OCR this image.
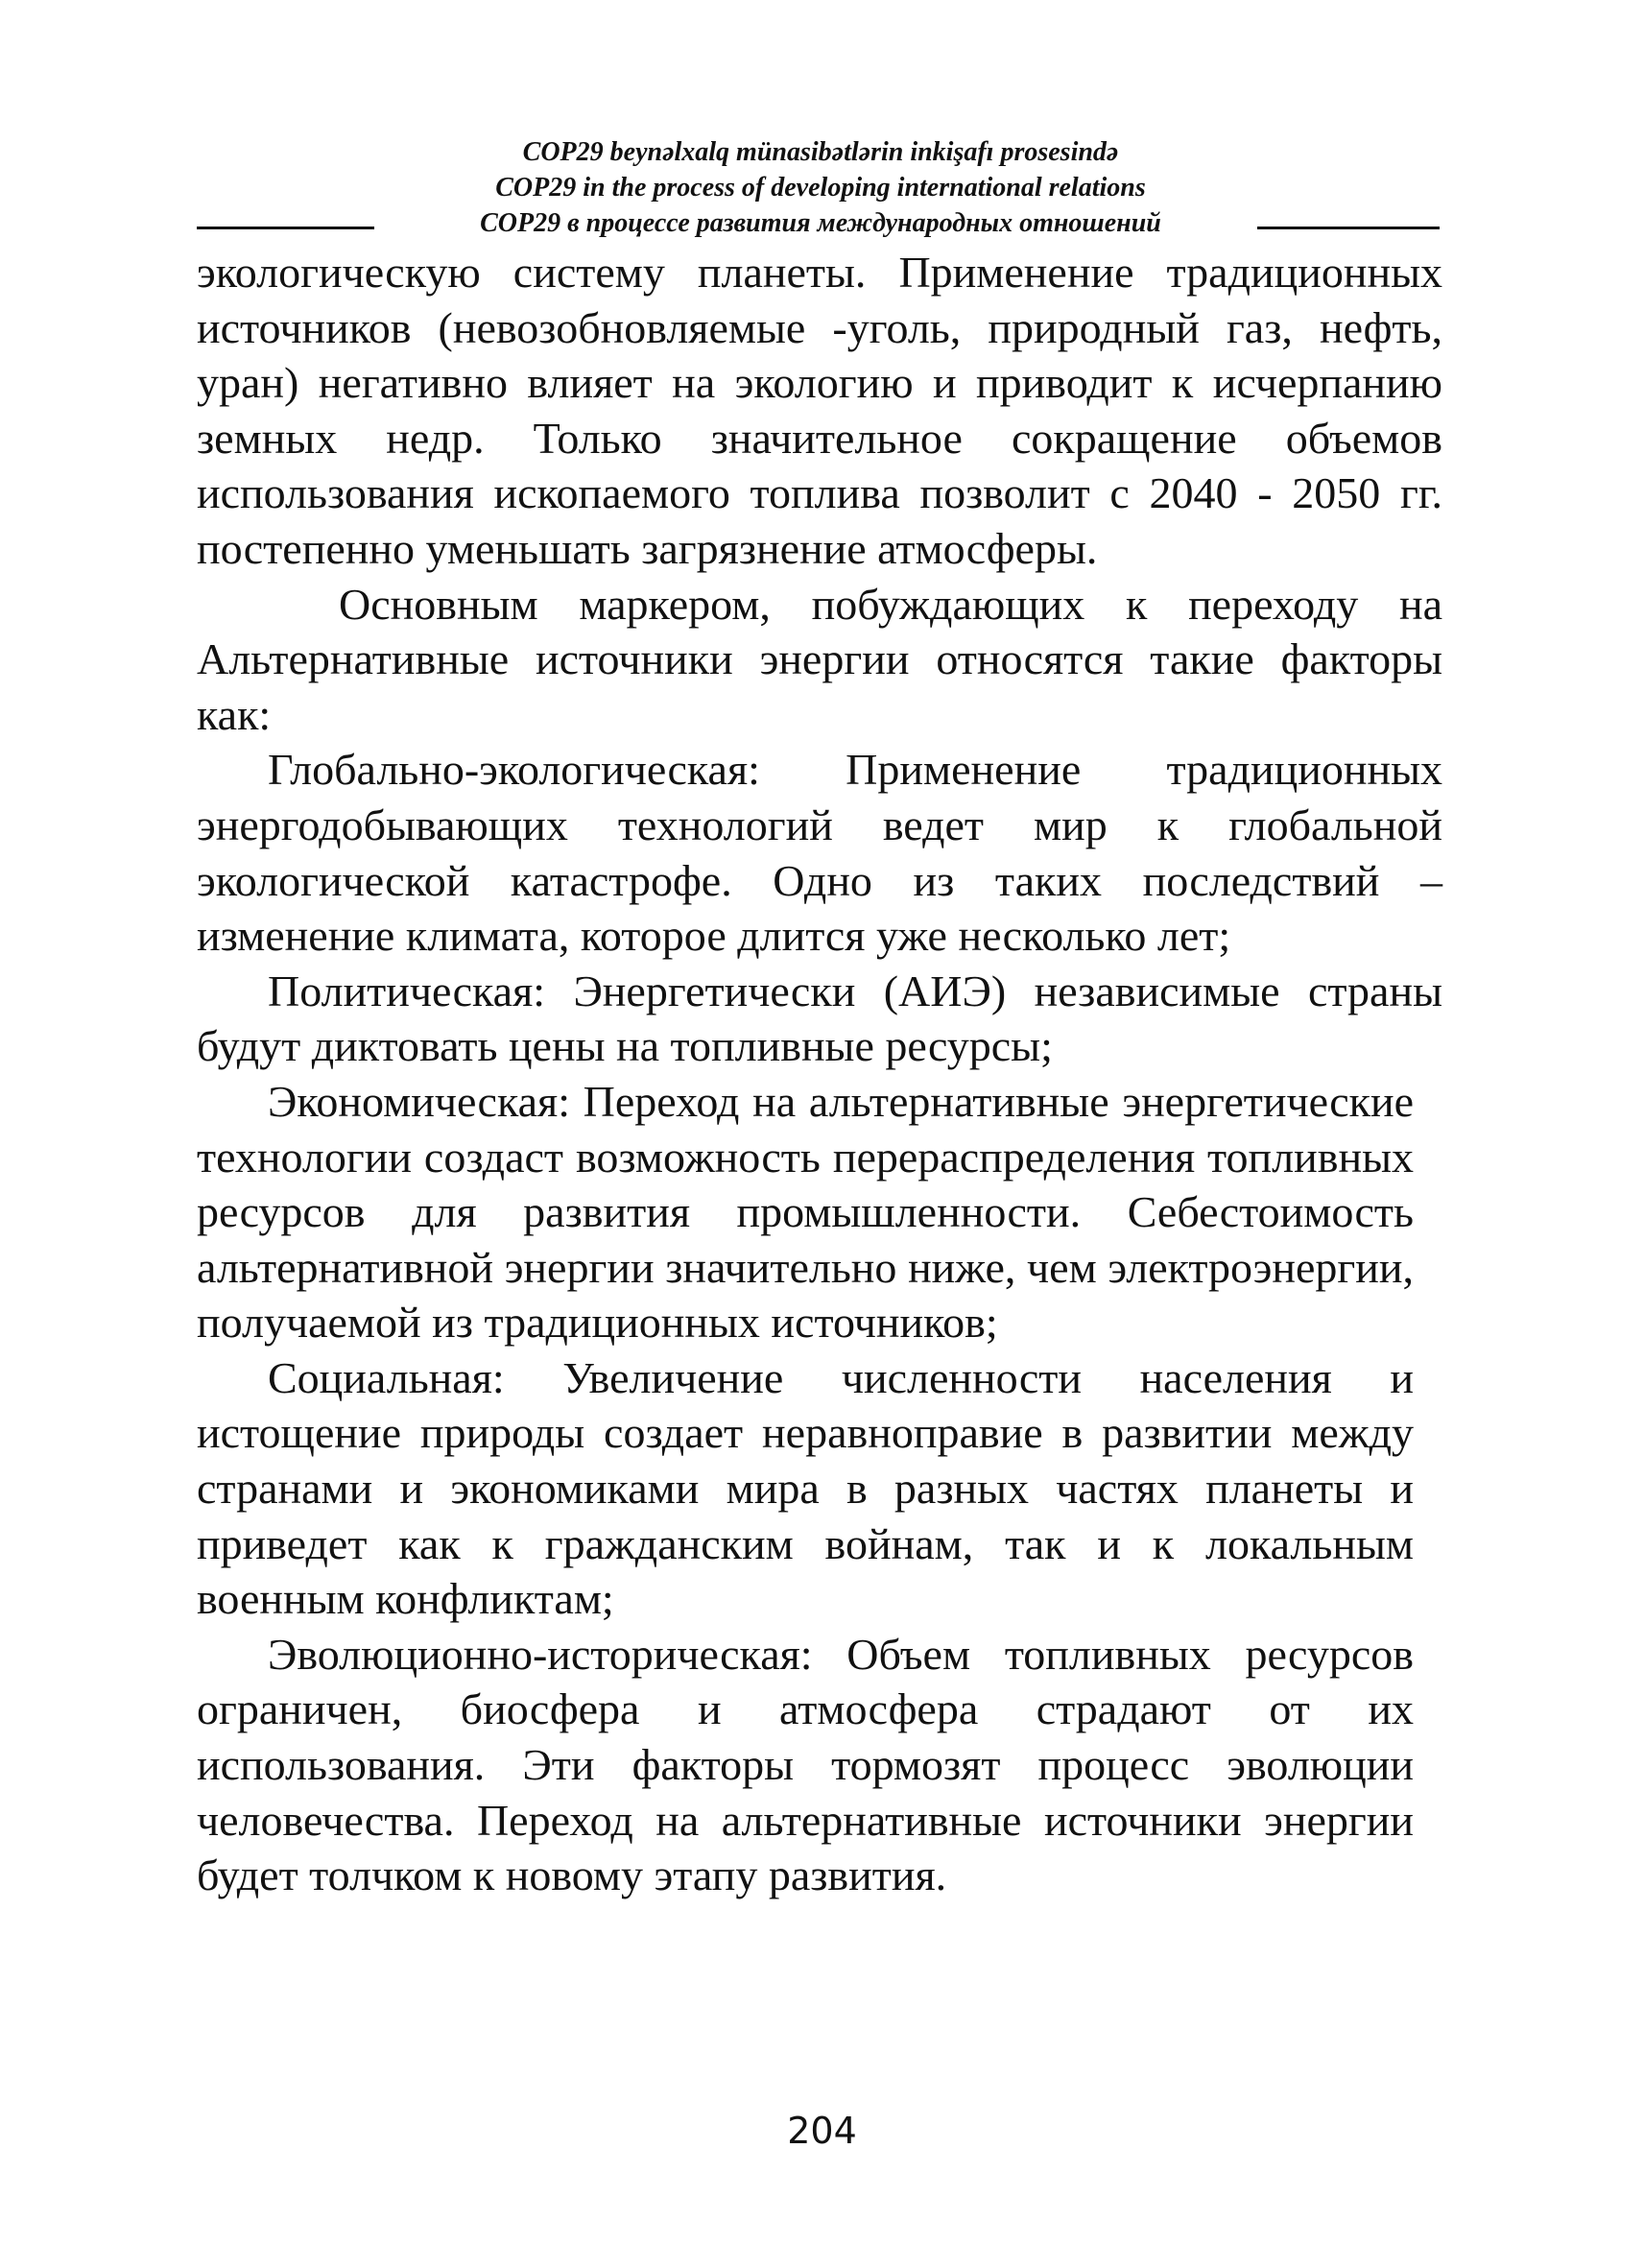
COP29 beynəlxalq münasibətlərin inkişafı prosesində
COP29 in the process of developing international relations
COP29 в процессе развития международных отношений

экологическую систему планеты. Применение традиционных источников (невозобновляемые -уголь, природный газ, нефть, уран) негативно влияет на экологию и приводит к исчерпанию земных недр. Только значительное сокращение объемов использования ископаемого топлива позволит с 2040 - 2050 гг. постепенно уменьшать загрязнение атмосферы.

Основным маркером, побуждающих к переходу на Альтернативные источники энергии относятся такие факторы как:

Глобально-экологическая: Применение традиционных энергодобывающих технологий ведет мир к глобальной экологической катастрофе. Одно из таких последствий – изменение климата, которое длится уже несколько лет;

Политическая: Энергетически (АИЭ) независимые страны будут диктовать цены на топливные ресурсы;

Экономическая: Переход на альтернативные энергетические технологии создаст возможность перераспределения топливных ресурсов для развития промышленности. Себестоимость альтернативной энергии значительно ниже, чем электроэнергии, получаемой из традиционных источников;

Социальная: Увеличение численности населения и истощение природы создает неравноправие в развитии между странами и экономиками мира в разных частях планеты и приведет как к гражданским войнам, так и к локальным военным конфликтам;

Эволюционно-историческая: Объем топливных ресурсов ограничен, биосфера и атмосфера страдают от их использования. Эти факторы тормозят процесс эволюции человечества. Переход на альтернативные источники энергии будет толчком к новому этапу развития.

204
